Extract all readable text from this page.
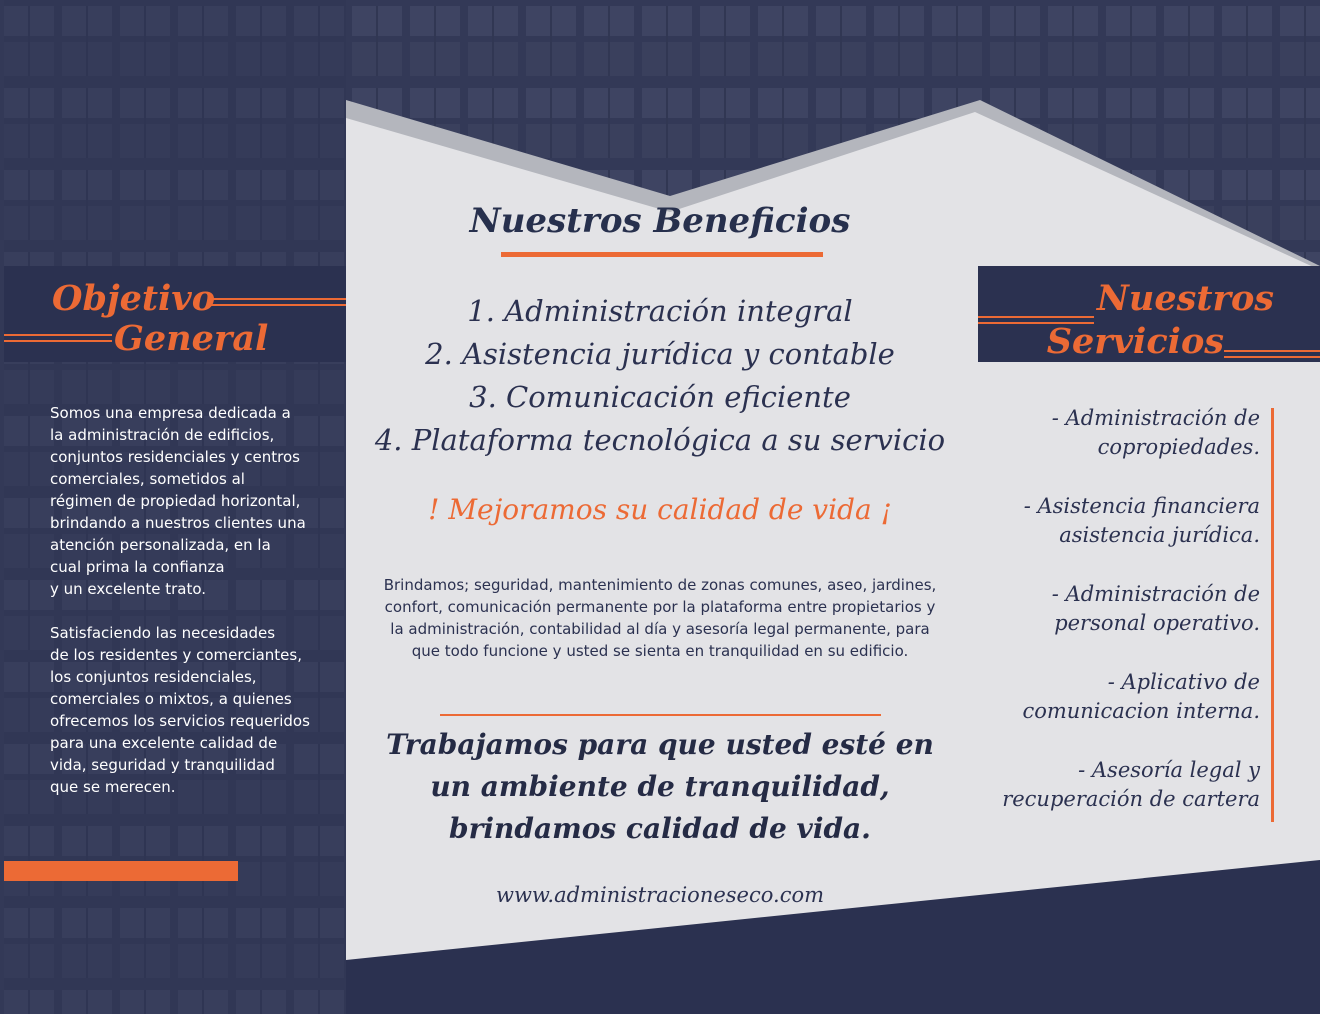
Objetivo
General

Somos una empresa dedicada a
la administración de edificios,
conjuntos residenciales y centros
comerciales, sometidos al
régimen de propiedad horizontal,
brindando a nuestros clientes una
atención personalizada, en la
cual prima la confianza
y un excelente trato.

Satisfaciendo las necesidades
de los residentes y comerciantes,
los conjuntos residenciales,
comerciales o mixtos, a quienes
ofrecemos los servicios requeridos
para una excelente calidad de
vida, seguridad y tranquilidad
que se merecen.

Nuestros Beneficios
1. Administración integral
2. Asistencia jurídica y contable
3. Comunicación eficiente
4. Plataforma tecnológica a su servicio
! Mejoramos su calidad de vida ¡
Brindamos; seguridad, mantenimiento de zonas comunes, aseo, jardines, confort, comunicación permanente por la plataforma entre propietarios y la administración, contabilidad al día y asesoría legal permanente, para que todo funcione y usted se sienta en tranquilidad en su edificio.
Trabajamos para que usted esté en un ambiente de tranquilidad, brindamos calidad de vida.
www.administracioneseco.com
Nuestros
Servicios
- Administración de
copropiedades.
- Asistencia financiera
asistencia jurídica.
- Administración de
personal operativo.
- Aplicativo de
comunicacion interna.
- Asesoría legal y
recuperación de cartera
